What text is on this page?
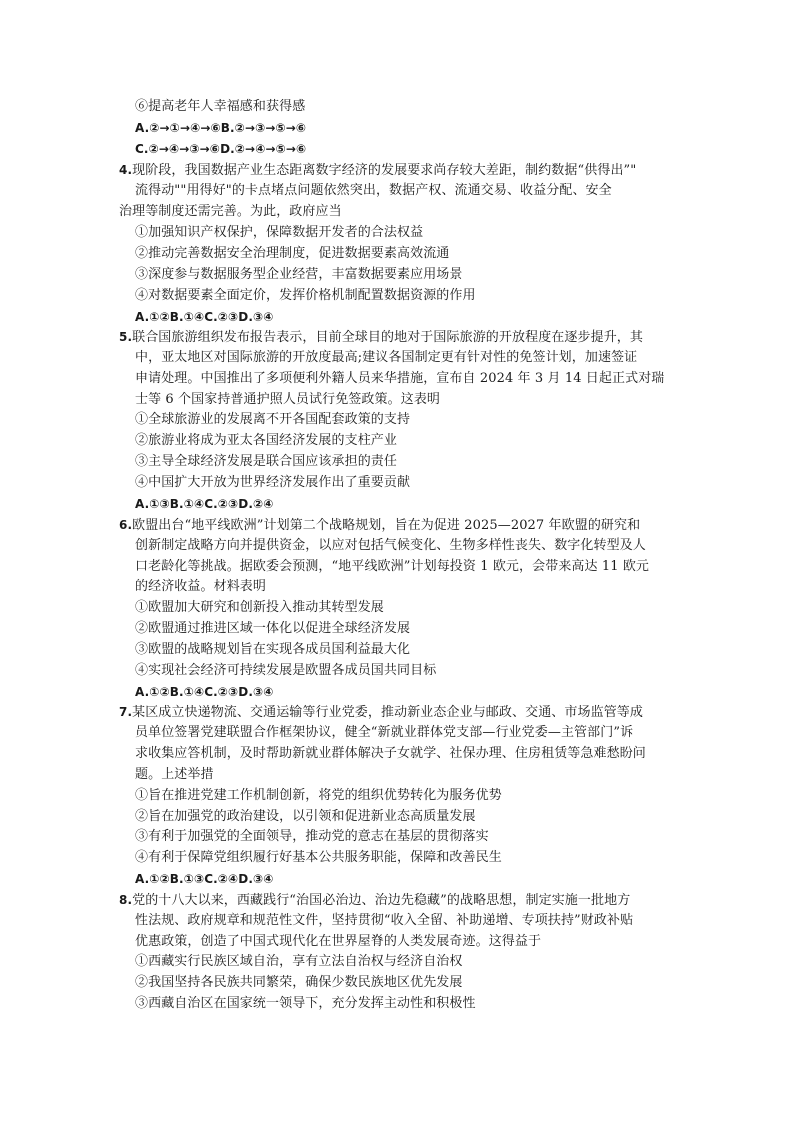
⑥提高老年人幸福感和获得感
A.②→①→④→⑥B.②→③→⑤→⑥
C.②→④→③→⑥D.②→④→⑤→⑥
4.现阶段，我国数据产业生态距离数字经济的发展要求尚存较大差距，制约数据“供得出”"
流得动""用得好"的卡点堵点问题依然突出，数据产权、流通交易、收益分配、安全
治理等制度还需完善。为此，政府应当
①加强知识产权保护，保障数据开发者的合法权益
②推动完善数据安全治理制度，促进数据要素高效流通
③深度参与数据服务型企业经营，丰富数据要素应用场景
④对数据要素全面定价，发挥价格机制配置数据资源的作用
A.①②B.①④C.②③D.③④
5.联合国旅游组织发布报告表示，目前全球目的地对于国际旅游的开放程度在逐步提升，其
中，亚太地区对国际旅游的开放度最高;建议各国制定更有针对性的免签计划，加速签证
申请处理。中国推出了多项便利外籍人员来华措施，宣布自 2024 年 3 月 14 日起正式对瑞
士等 6 个国家持普通护照人员试行免签政策。这表明
①全球旅游业的发展离不开各国配套政策的支持
②旅游业将成为亚太各国经济发展的支柱产业
③主导全球经济发展是联合国应该承担的责任
④中国扩大开放为世界经济发展作出了重要贡献
A.①③B.①④C.②③D.②④
6.欧盟出台“地平线欧洲”计划第二个战略规划，旨在为促进 2025—2027 年欧盟的研究和
创新制定战略方向并提供资金，以应对包括气候变化、生物多样性丧失、数字化转型及人
口老龄化等挑战。据欧委会预测，“地平线欧洲”计划每投资 1 欧元，会带来高达 11 欧元
的经济收益。材料表明
①欧盟加大研究和创新投入推动其转型发展
②欧盟通过推进区域一体化以促进全球经济发展
③欧盟的战略规划旨在实现各成员国利益最大化
④实现社会经济可持续发展是欧盟各成员国共同目标
A.①②B.①④C.②③D.③④
7.某区成立快递物流、交通运输等行业党委，推动新业态企业与邮政、交通、市场监管等成
员单位签署党建联盟合作框架协议，健全“新就业群体党支部—行业党委—主管部门”诉
求收集应答机制，及时帮助新就业群体解决子女就学、社保办理、住房租赁等急难愁盼问
题。上述举措
①旨在推进党建工作机制创新，将党的组织优势转化为服务优势
②旨在加强党的政治建设，以引领和促进新业态高质量发展
③有利于加强党的全面领导，推动党的意志在基层的贯彻落实
④有利于保障党组织履行好基本公共服务职能，保障和改善民生
A.①②B.①③C.②④D.③④
8.党的十八大以来，西藏践行“治国必治边、治边先稳藏”的战略思想，制定实施一批地方
性法规、政府规章和规范性文件，坚持贯彻“收入全留、补助递增、专项扶持”财政补贴
优惠政策，创造了中国式现代化在世界屋脊的人类发展奇迹。这得益于
①西藏实行民族区域自治，享有立法自治权与经济自治权
②我国坚持各民族共同繁荣，确保少数民族地区优先发展
③西藏自治区在国家统一领导下，充分发挥主动性和积极性
